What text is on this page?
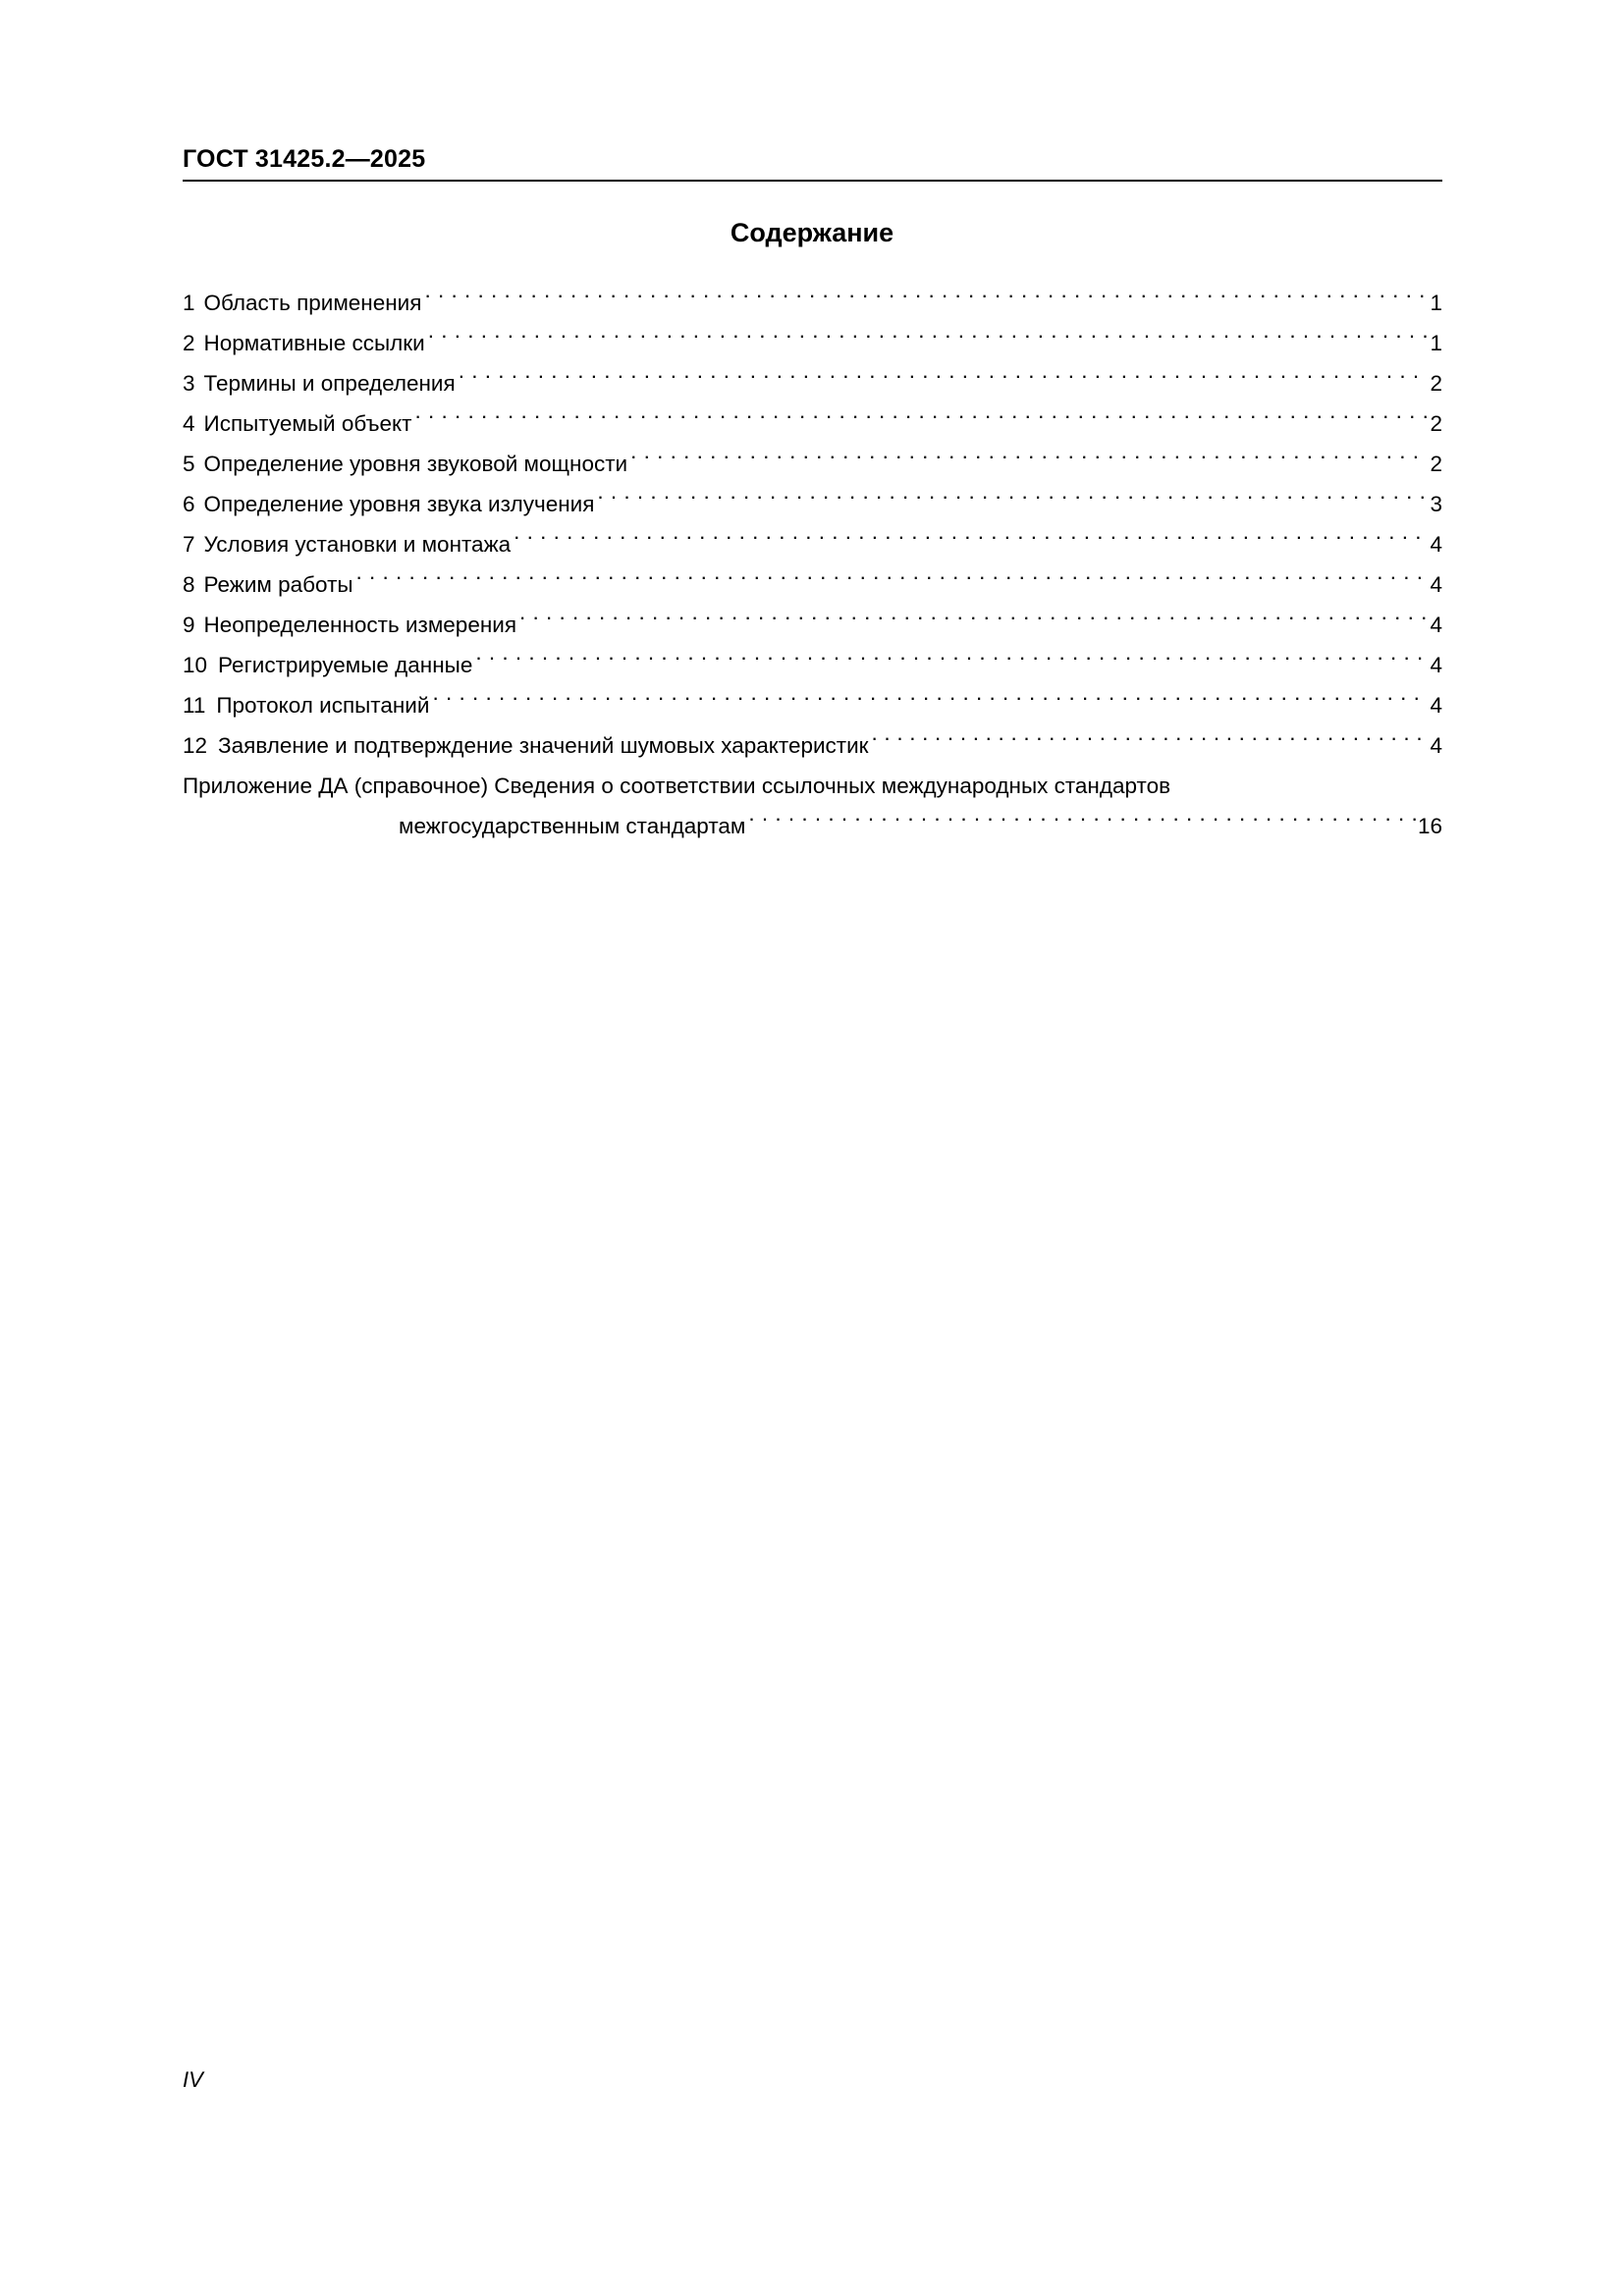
ГОСТ 31425.2—2025
Содержание
1 Область применения . . .	1
2 Нормативные ссылки . . .	1
3 Термины и определения . . .	2
4 Испытуемый объект . . .	2
5 Определение уровня звуковой мощности . . .	2
6 Определение уровня звука излучения . . .	3
7 Условия установки и монтажа . . .	4
8 Режим работы . . .	4
9 Неопределенность измерения . . .	4
10 Регистрируемые данные . . .	4
11 Протокол испытаний . . .	4
12 Заявление и подтверждение значений шумовых характеристик . . .	4
Приложение ДА (справочное) Сведения о соответствии ссылочных международных стандартов
межгосударственным стандартам . . .	16
IV
